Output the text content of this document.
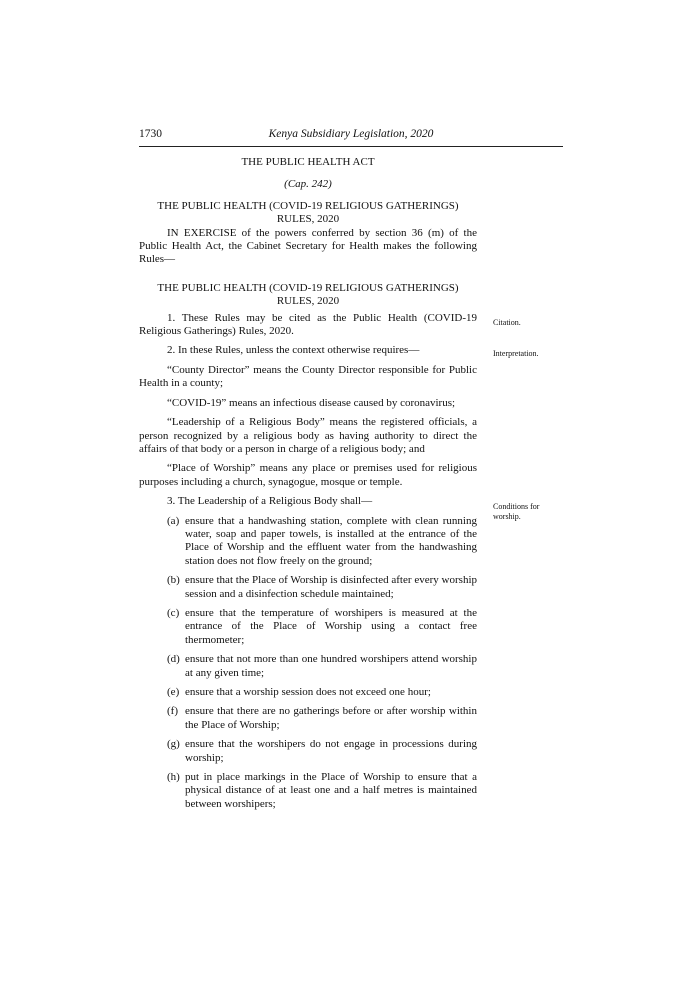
1730	Kenya Subsidiary Legislation, 2020

THE PUBLIC HEALTH ACT

(Cap. 242)

THE PUBLIC HEALTH (COVID-19 RELIGIOUS GATHERINGS)

RULES, 2020

IN EXERCISE of the powers conferred by section 36 (m) of the Public Health Act, the Cabinet Secretary for Health makes the following Rules—

THE PUBLIC HEALTH (COVID-19 RELIGIOUS GATHERINGS)

RULES, 2020

1. These Rules may be cited as the Public Health (COVID-19 Religious Gatherings) Rules, 2020.

2. In these Rules, unless the context otherwise requires—

“County Director” means the County Director responsible for Public Health in a county;

“COVID-19” means an infectious disease caused by coronavirus;

“Leadership of a Religious Body” means the registered officials, a person recognized by a religious body as having authority to direct the affairs of that body or a person in charge of a religious body; and

“Place of Worship” means any place or premises used for religious purposes including a church, synagogue, mosque or temple.

3. The Leadership of a Religious Body shall—

( a ) ensure that a handwashing station, complete with clean running water, soap and paper towels, is installed at the entrance of the Place of Worship and the effluent water from the handwashing station does not flow freely on the ground;
( b ) ensure that the Place of Worship is disinfected after every worship session and a disinfection schedule maintained;
( c ) ensure that the temperature of worshipers is measured at the entrance of the Place of Worship using a contact free thermometer;
( d ) ensure that not more than one hundred worshipers attend worship at any given time;
( e ) ensure that a worship session does not exceed one hour;
( f ) ensure that there are no gatherings before or after worship within the Place of Worship;
( g ) ensure that the worshipers do not engage in processions during worship;
( h ) put in place markings in the Place of Worship to ensure that a physical distance of at least one and a half metres is maintained between worshipers;
Citation.
Interpretation.
Conditions for worship.
